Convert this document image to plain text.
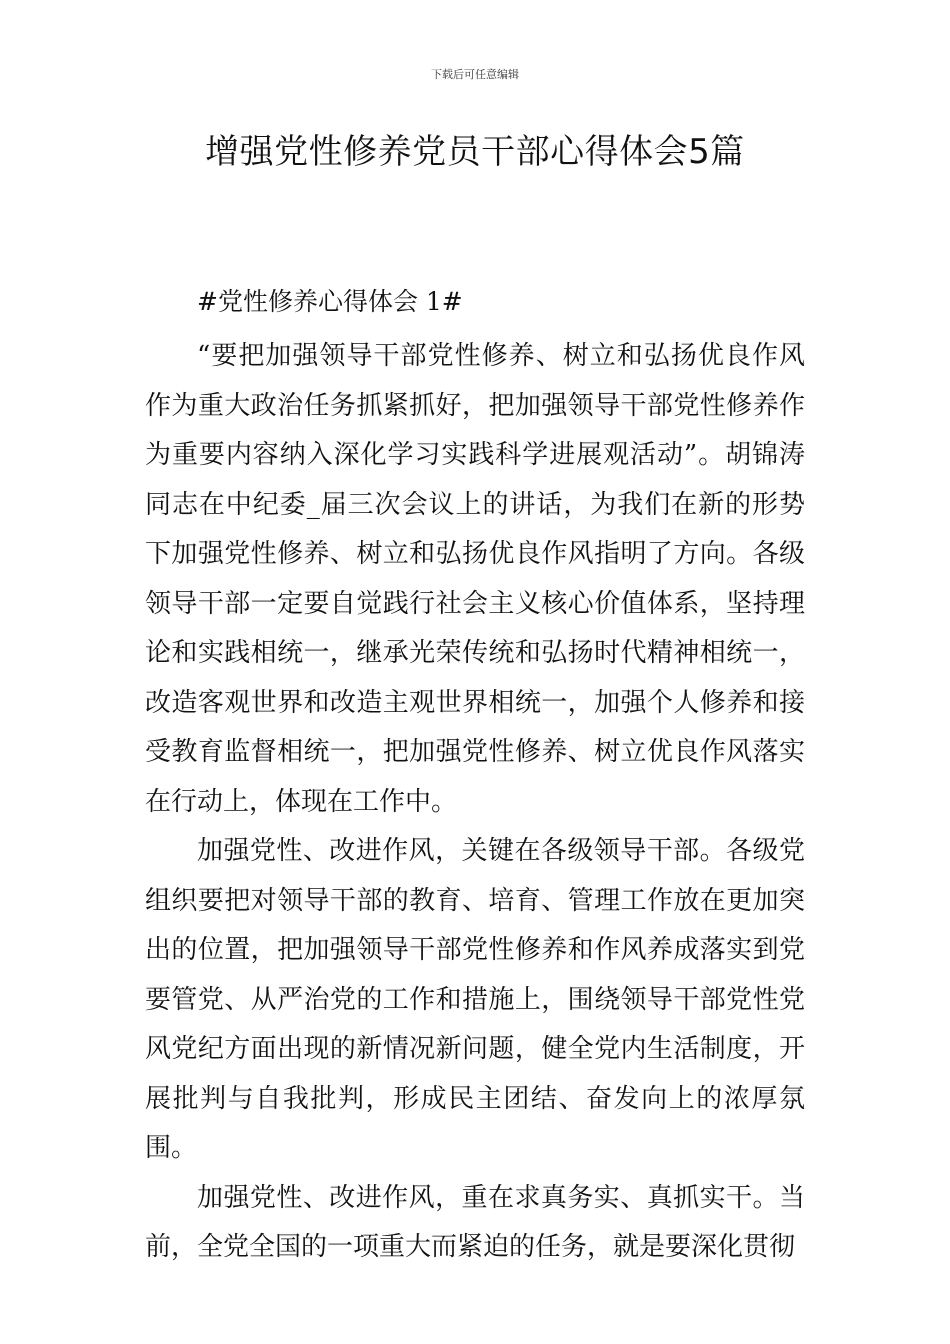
下载后可任意编辑
增强党性修养党员干部心得体会5篇

#党性修养心得体会 1#

“要把加强领导干部党性修养、树立和弘扬优良作风作为重大政治任务抓紧抓好，把加强领导干部党性修养作为重要内容纳入深化学习实践科学进展观活动”。胡锦涛同志在中纪委_届三次会议上的讲话，为我们在新的形势下加强党性修养、树立和弘扬优良作风指明了方向。各级领导干部一定要自觉践行社会主义核心价值体系，坚持理论和实践相统一，继承光荣传统和弘扬时代精神相统一，改造客观世界和改造主观世界相统一，加强个人修养和接受教育监督相统一，把加强党性修养、树立优良作风落实在行动上，体现在工作中。

加强党性、改进作风，关键在各级领导干部。各级党组织要把对领导干部的教育、培育、管理工作放在更加突出的位置，把加强领导干部党性修养和作风养成落实到党要管党、从严治党的工作和措施上，围绕领导干部党性党风党纪方面出现的新情况新问题，健全党内生活制度，开展批判与自我批判，形成民主团结、奋发向上的浓厚氛围。

加强党性、改进作风，重在求真务实、真抓实干。当前，全党全国的一项重大而紧迫的任务，就是要深化贯彻
